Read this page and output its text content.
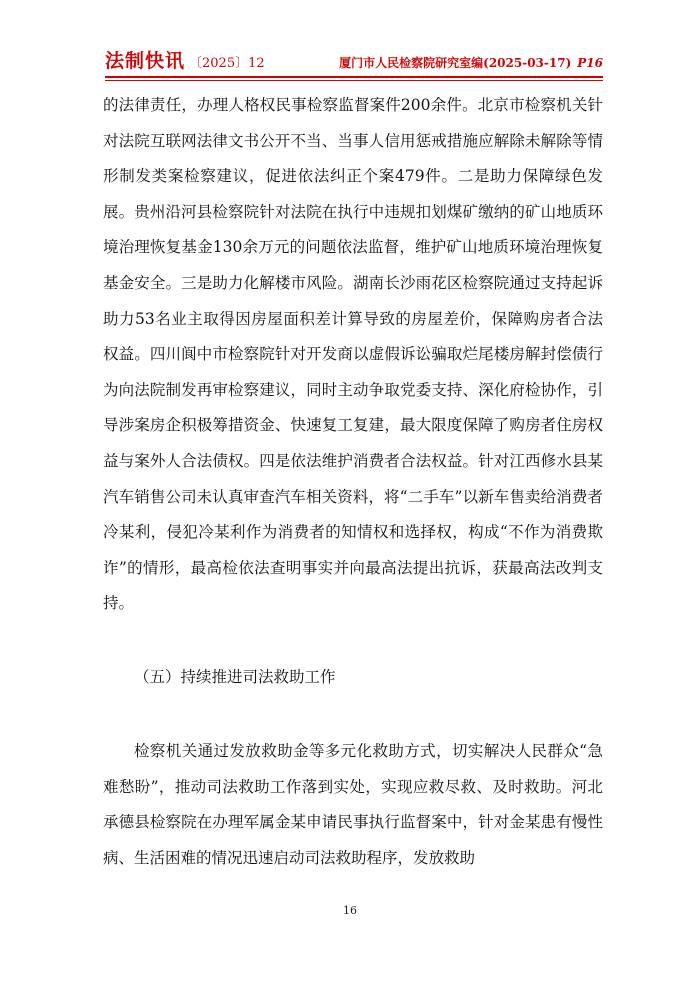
法制快讯 〔2025〕12	厦门市人民检察院研究室编(2025-03-17) P16

的法律责任，办理人格权民事检察监督案件200余件。北京市检察机关针对法院互联网法律文书公开不当、当事人信用惩戒措施应解除未解除等情形制发类案检察建议，促进依法纠正个案479件。二是助力保障绿色发展。贵州沿河县检察院针对法院在执行中违规扣划煤矿缴纳的矿山地质环境治理恢复基金130余万元的问题依法监督，维护矿山地质环境治理恢复基金安全。三是助力化解楼市风险。湖南长沙雨花区检察院通过支持起诉助力53名业主取得因房屋面积差计算导致的房屋差价，保障购房者合法权益。四川阆中市检察院针对开发商以虚假诉讼骗取烂尾楼房解封偿债行为向法院制发再审检察建议，同时主动争取党委支持、深化府检协作，引导涉案房企积极筹措资金、快速复工复建，最大限度保障了购房者住房权益与案外人合法债权。四是依法维护消费者合法权益。针对江西修水县某汽车销售公司未认真审查汽车相关资料，将“二手车”以新车售卖给消费者冷某利，侵犯冷某利作为消费者的知情权和选择权，构成“不作为消费欺诈”的情形，最高检依法查明事实并向最高法提出抗诉，获最高法改判支持。

（五）持续推进司法救助工作

检察机关通过发放救助金等多元化救助方式，切实解决人民群众“急难愁盼”，推动司法救助工作落到实处，实现应救尽救、及时救助。河北承德县检察院在办理军属金某申请民事执行监督案中，针对金某患有慢性病、生活困难的情况迅速启动司法救助程序，发放救助

16
